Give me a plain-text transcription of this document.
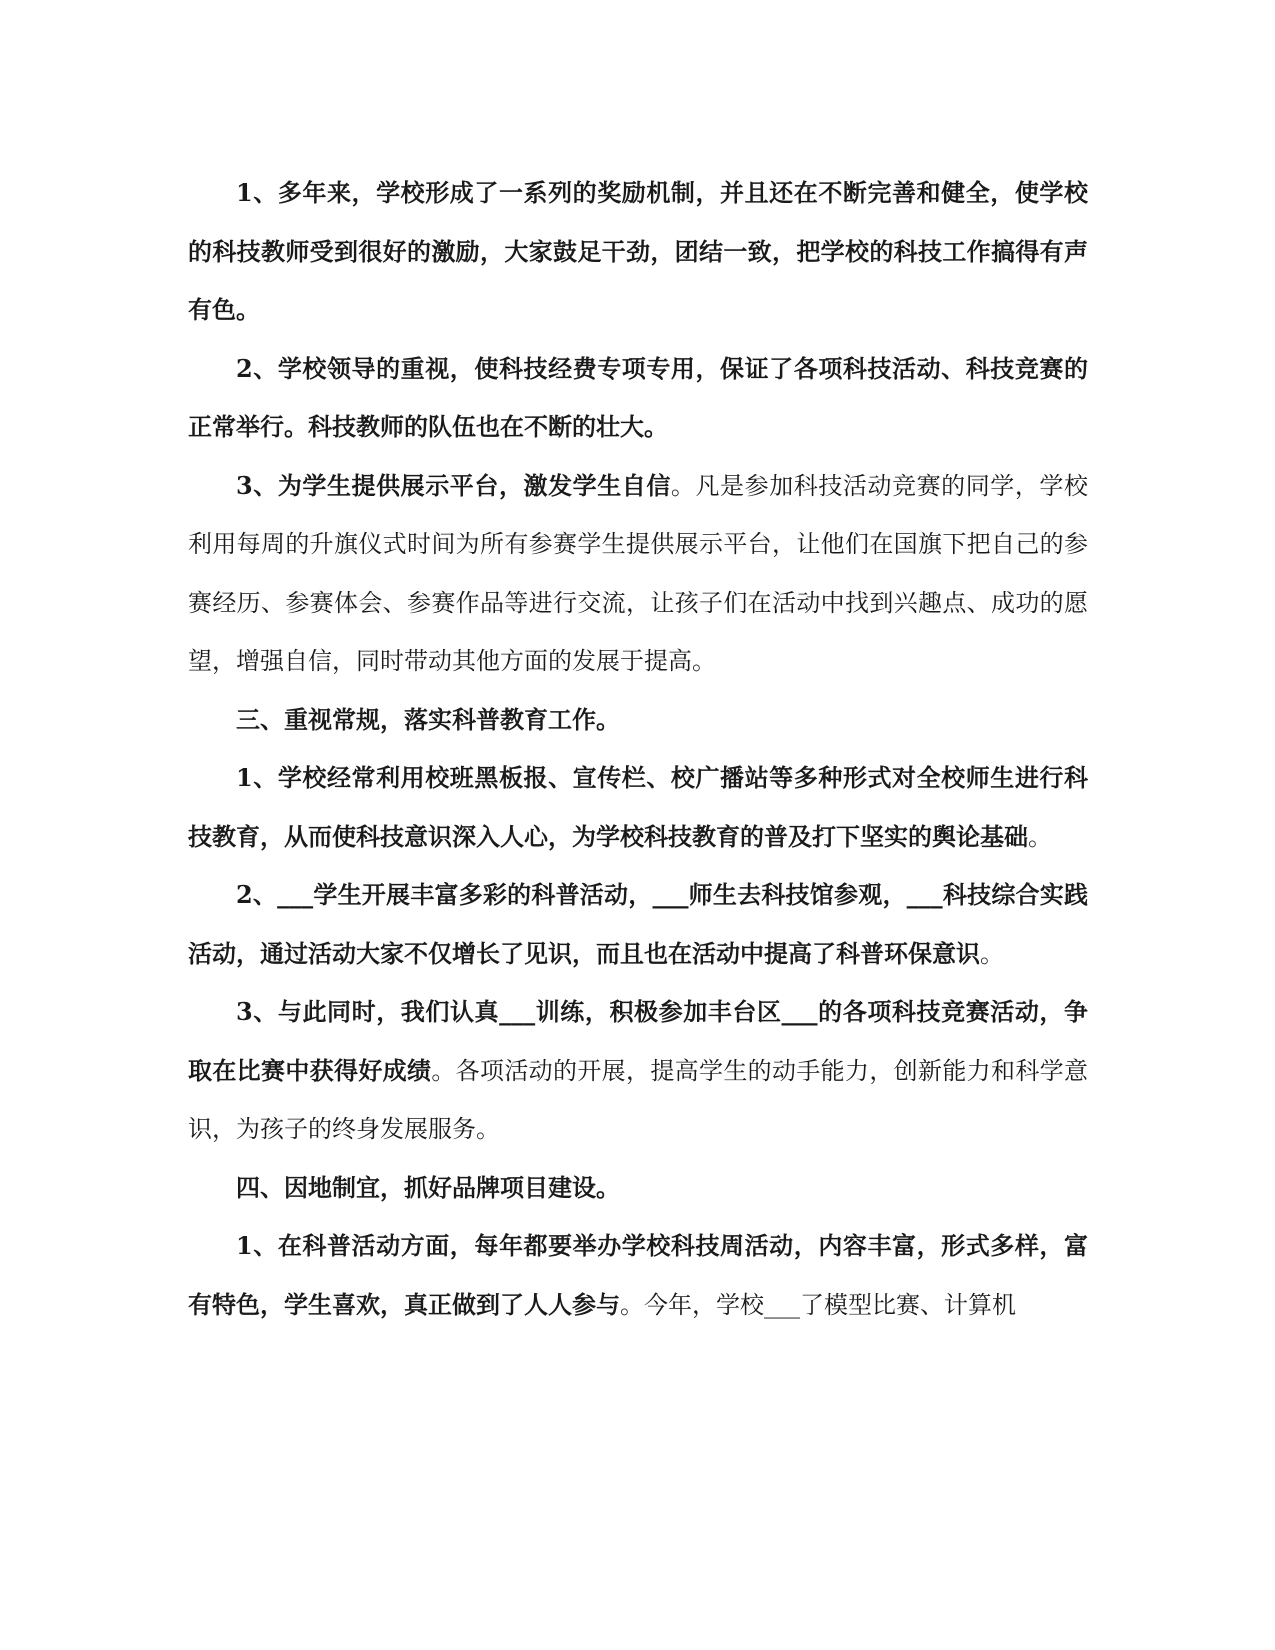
1、多年来，学校形成了一系列的奖励机制，并且还在不断完善和健全，使学校的科技教师受到很好的激励，大家鼓足干劲，团结一致，把学校的科技工作搞得有声有色。

2、学校领导的重视，使科技经费专项专用，保证了各项科技活动、科技竞赛的正常举行。科技教师的队伍也在不断的壮大。

3、为学生提供展示平台，激发学生自信。凡是参加科技活动竞赛的同学，学校利用每周的升旗仪式时间为所有参赛学生提供展示平台，让他们在国旗下把自己的参赛经历、参赛体会、参赛作品等进行交流，让孩子们在活动中找到兴趣点、成功的愿望，增强自信，同时带动其他方面的发展于提高。

三、重视常规，落实科普教育工作。

1、学校经常利用校班黑板报、宣传栏、校广播站等多种形式对全校师生进行科技教育，从而使科技意识深入人心，为学校科技教育的普及打下坚实的舆论基础。

2、___学生开展丰富多彩的科普活动，___师生去科技馆参观，___科技综合实践活动，通过活动大家不仅增长了见识，而且也在活动中提高了科普环保意识。

3、与此同时，我们认真___训练，积极参加丰台区___的各项科技竞赛活动，争取在比赛中获得好成绩。各项活动的开展，提高学生的动手能力，创新能力和科学意识，为孩子的终身发展服务。

四、因地制宜，抓好品牌项目建设。

1、在科普活动方面，每年都要举办学校科技周活动，内容丰富，形式多样，富有特色，学生喜欢，真正做到了人人参与。今年，学校___了模型比赛、计算机
